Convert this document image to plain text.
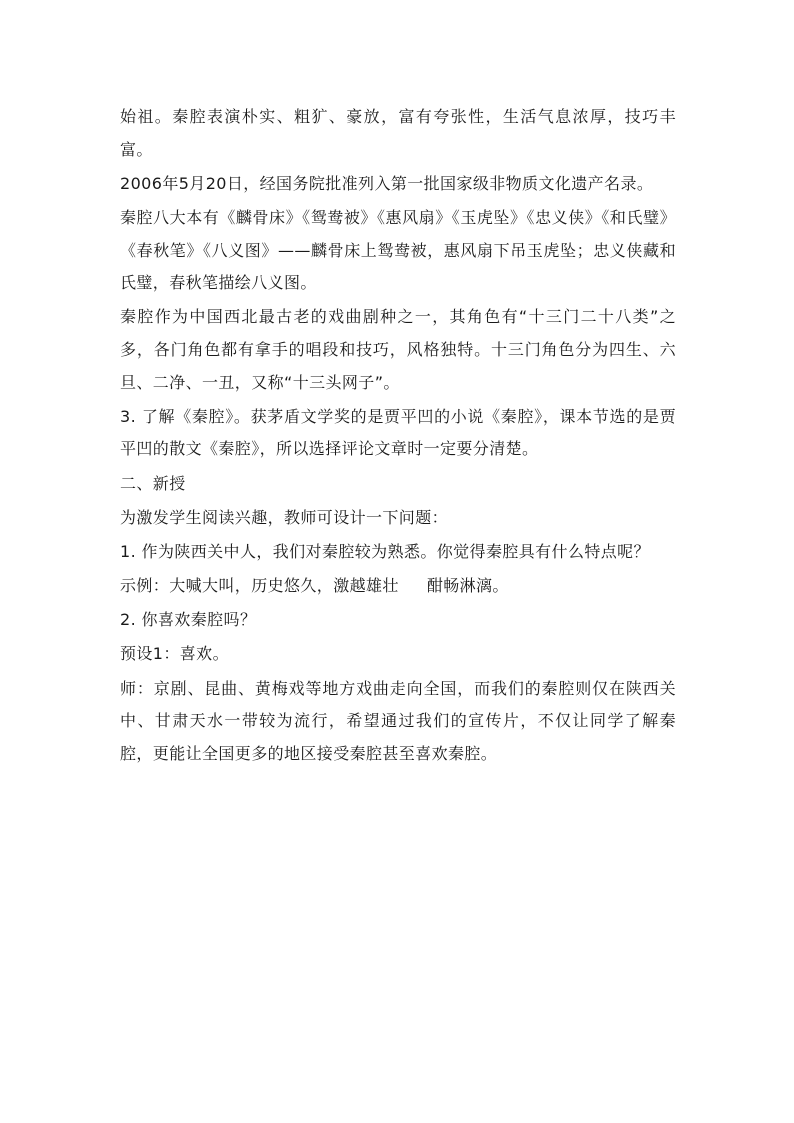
始祖。秦腔表演朴实、粗犷、豪放，富有夸张性，生活气息浓厚，技巧丰富。

2006年5月20日，经国务院批准列入第一批国家级非物质文化遗产名录。

秦腔八大本有《麟骨床》《鸳鸯被》《惠风扇》《玉虎坠》《忠义侠》《和氏璧》《春秋笔》《八义图》——麟骨床上鸳鸯被，惠风扇下吊玉虎坠；忠义侠藏和氏璧，春秋笔描绘八义图。

秦腔作为中国西北最古老的戏曲剧种之一，其角色有“十三门二十八类”之多，各门角色都有拿手的唱段和技巧，风格独特。十三门角色分为四生、六旦、二净、一丑，又称“十三头网子”。

3. 了解《秦腔》。获茅盾文学奖的是贾平凹的小说《秦腔》，课本节选的是贾平凹的散文《秦腔》，所以选择评论文章时一定要分清楚。

二、新授

为激发学生阅读兴趣，教师可设计一下问题：

1. 作为陕西关中人，我们对秦腔较为熟悉。你觉得秦腔具有什么特点呢？

示例：大喊大叫，历史悠久，激越雄壮 酣畅淋漓。

2. 你喜欢秦腔吗？

预设1：喜欢。

师：京剧、昆曲、黄梅戏等地方戏曲走向全国，而我们的秦腔则仅在陕西关中、甘肃天水一带较为流行，希望通过我们的宣传片，不仅让同学了解秦腔，更能让全国更多的地区接受秦腔甚至喜欢秦腔。
